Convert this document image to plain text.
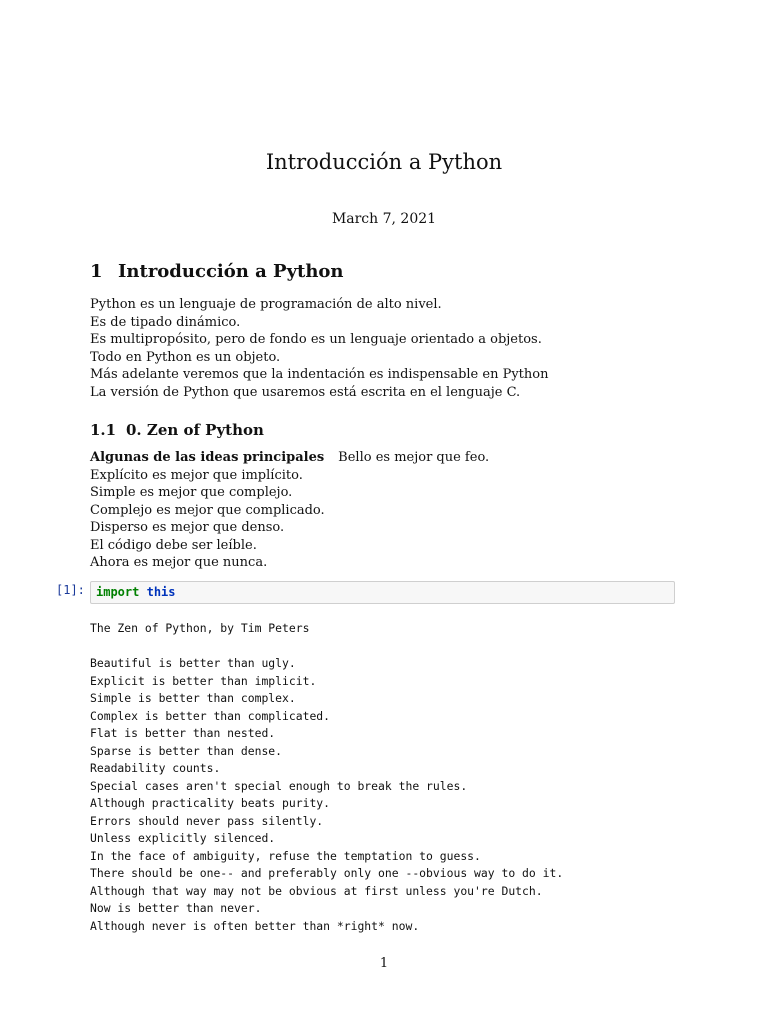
Introducción a Python
March 7, 2021
1 Introducción a Python
Python es un lenguaje de programación de alto nivel.
Es de tipado dinámico.
Es multipropósito, pero de fondo es un lenguaje orientado a objetos.
Todo en Python es un objeto.
Más adelante veremos que la indentación es indispensable en Python
La versión de Python que usaremos está escrita en el lenguaje C.
1.1 0. Zen of Python
Algunas de las ideas principales Bello es mejor que feo.
Explícito es mejor que implícito.
Simple es mejor que complejo.
Complejo es mejor que complicado.
Disperso es mejor que denso.
El código debe ser leíble.
Ahora es mejor que nunca.
[1]: import this
The Zen of Python, by Tim Peters
Beautiful is better than ugly.
Explicit is better than implicit.
Simple is better than complex.
Complex is better than complicated.
Flat is better than nested.
Sparse is better than dense.
Readability counts.
Special cases aren't special enough to break the rules.
Although practicality beats purity.
Errors should never pass silently.
Unless explicitly silenced.
In the face of ambiguity, refuse the temptation to guess.
There should be one-- and preferably only one --obvious way to do it.
Although that way may not be obvious at first unless you're Dutch.
Now is better than never.
Although never is often better than *right* now.
1
